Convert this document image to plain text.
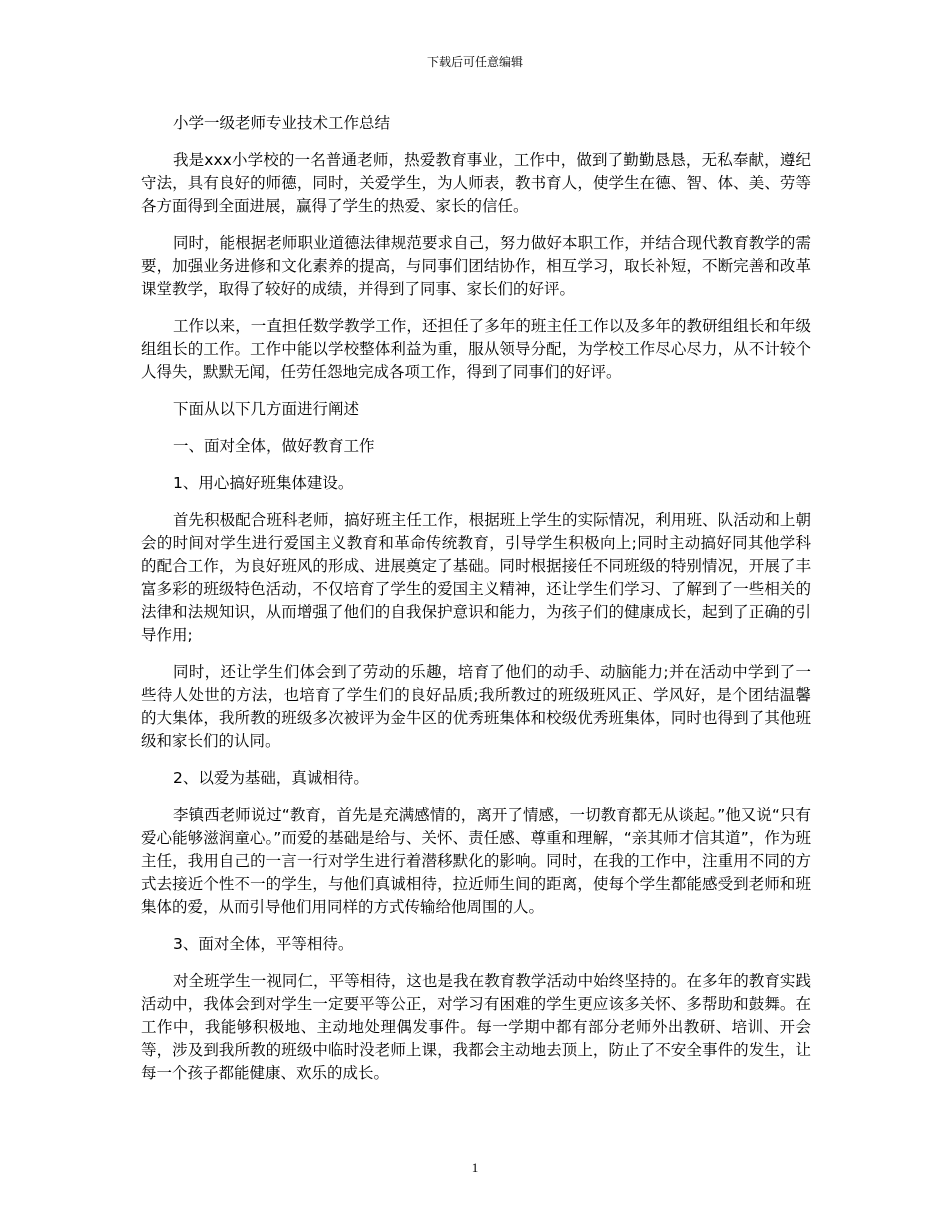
下载后可任意编辑

小学一级老师专业技术工作总结

我是xxx小学校的一名普通老师，热爱教育事业，工作中，做到了勤勤恳恳，无私奉献，遵纪守法，具有良好的师德，同时，关爱学生，为人师表，教书育人，使学生在德、智、体、美、劳等各方面得到全面进展，赢得了学生的热爱、家长的信任。

同时，能根据老师职业道德法律规范要求自己，努力做好本职工作，并结合现代教育教学的需要，加强业务进修和文化素养的提高，与同事们团结协作，相互学习，取长补短，不断完善和改革课堂教学，取得了较好的成绩，并得到了同事、家长们的好评。

工作以来，一直担任数学教学工作，还担任了多年的班主任工作以及多年的教研组组长和年级组组长的工作。工作中能以学校整体利益为重，服从领导分配，为学校工作尽心尽力，从不计较个人得失，默默无闻，任劳任怨地完成各项工作，得到了同事们的好评。

下面从以下几方面进行阐述

一、面对全体，做好教育工作

1、用心搞好班集体建设。

首先积极配合班科老师，搞好班主任工作，根据班上学生的实际情况，利用班、队活动和上朝会的时间对学生进行爱国主义教育和革命传统教育，引导学生积极向上;同时主动搞好同其他学科的配合工作，为良好班风的形成、进展奠定了基础。同时根据接任不同班级的特别情况，开展了丰富多彩的班级特色活动，不仅培育了学生的爱国主义精神，还让学生们学习、了解到了一些相关的法律和法规知识，从而增强了他们的自我保护意识和能力，为孩子们的健康成长，起到了正确的引导作用;

同时，还让学生们体会到了劳动的乐趣，培育了他们的动手、动脑能力;并在活动中学到了一些待人处世的方法，也培育了学生们的良好品质;我所教过的班级班风正、学风好，是个团结温馨的大集体，我所教的班级多次被评为金牛区的优秀班集体和校级优秀班集体，同时也得到了其他班级和家长们的认同。

2、以爱为基础，真诚相待。

李镇西老师说过“教育，首先是充满感情的，离开了情感，一切教育都无从谈起。”他又说“只有爱心能够滋润童心。”而爱的基础是给与、关怀、责任感、尊重和理解，“亲其师才信其道”，作为班主任，我用自己的一言一行对学生进行着潜移默化的影响。同时，在我的工作中，注重用不同的方式去接近个性不一的学生，与他们真诚相待，拉近师生间的距离，使每个学生都能感受到老师和班集体的爱，从而引导他们用同样的方式传输给他周围的人。

3、面对全体，平等相待。

对全班学生一视同仁，平等相待，这也是我在教育教学活动中始终坚持的。在多年的教育实践活动中，我体会到对学生一定要平等公正，对学习有困难的学生更应该多关怀、多帮助和鼓舞。在工作中，我能够积极地、主动地处理偶发事件。每一学期中都有部分老师外出教研、培训、开会等，涉及到我所教的班级中临时没老师上课，我都会主动地去顶上，防止了不安全事件的发生，让每一个孩子都能健康、欢乐的成长。

1
